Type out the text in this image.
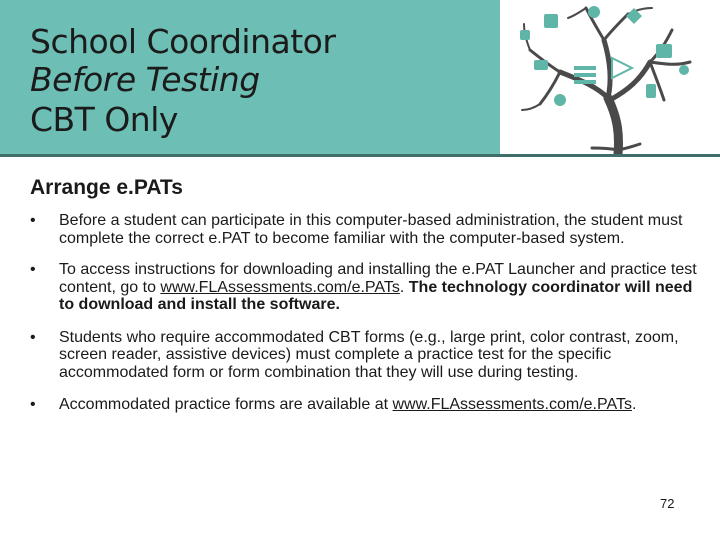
School Coordinator
Before Testing
CBT Only
Arrange e.PATs
•	Before a student can participate in this computer-based administration, the student must complete the correct e.PAT to become familiar with the computer-based system.
•	To access instructions for downloading and installing the e.PAT Launcher and practice test content, go to www.FLAssessments.com/e.PATs. The technology coordinator will need to download and install the software.
•	Students who require accommodated CBT forms (e.g., large print, color contrast, zoom, screen reader, assistive devices) must complete a practice test for the specific accommodated form or form combination that they will use during testing.
•	Accommodated practice forms are available at www.FLAssessments.com/e.PATs.
72
